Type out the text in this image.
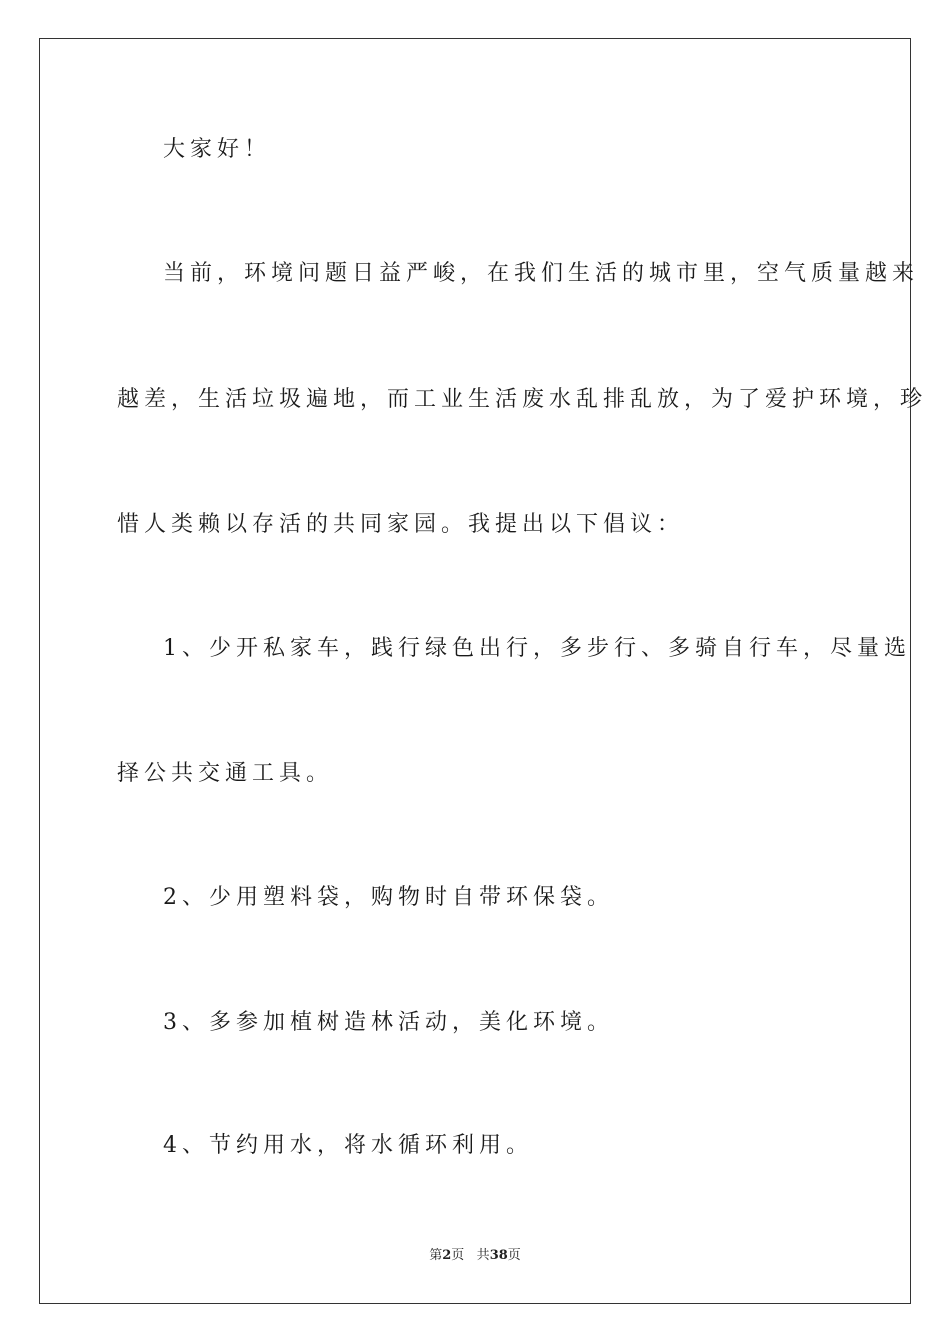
大家好！
当前，环境问题日益严峻，在我们生活的城市里，空气质量越来
越差，生活垃圾遍地，而工业生活废水乱排乱放，为了爱护环境，珍
惜人类赖以存活的共同家园。我提出以下倡议：
1、少开私家车，践行绿色出行，多步行、多骑自行车，尽量选
择公共交通工具。
2、少用塑料袋，购物时自带环保袋。
3、多参加植树造林活动，美化环境。
4、节约用水，将水循环利用。
第2页 共38页
